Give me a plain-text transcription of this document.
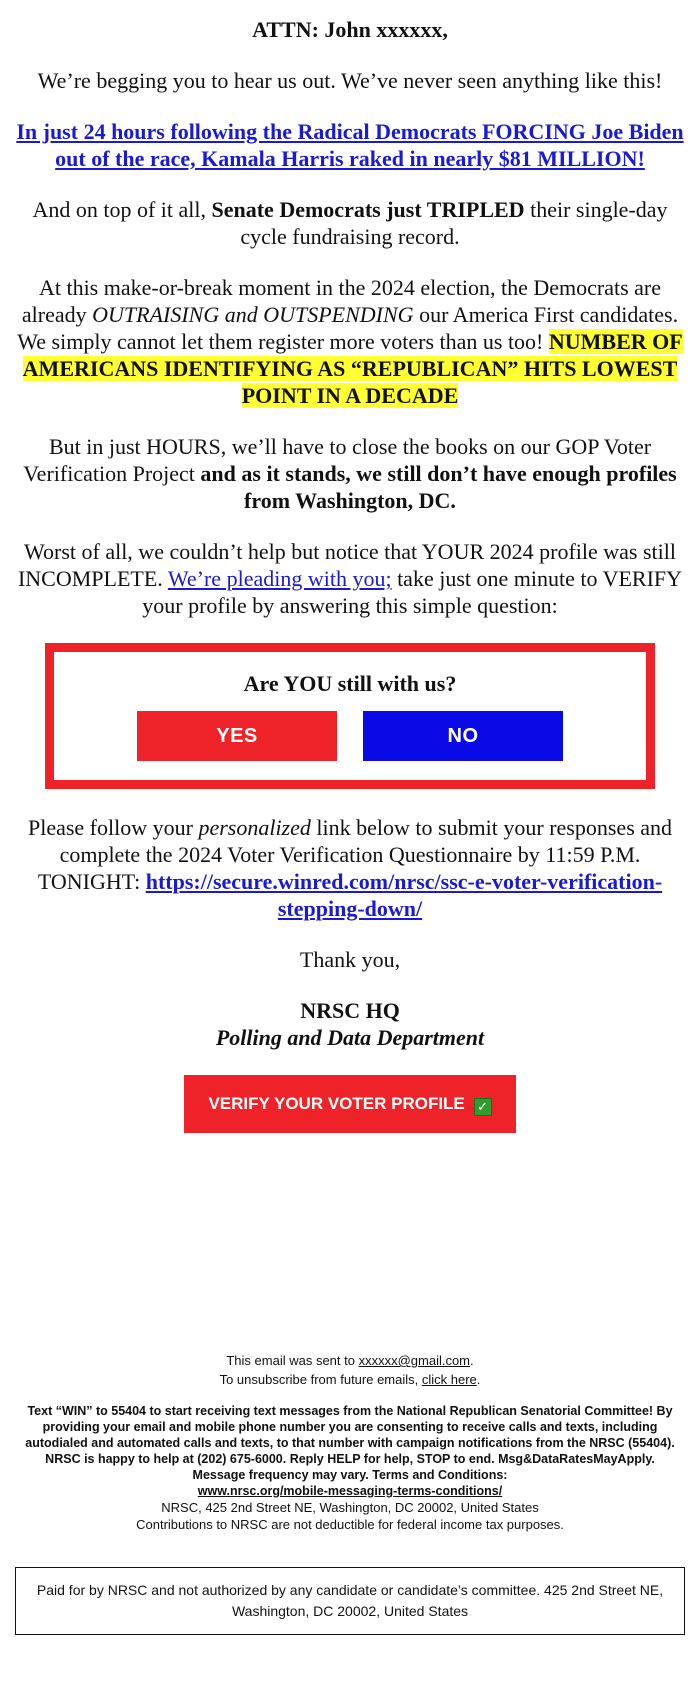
ATTN: John xxxxxx,

We’re begging you to hear us out. We’ve never seen anything like this!

In just 24 hours following the Radical Democrats FORCING Joe Biden out of the race, Kamala Harris raked in nearly $81 MILLION!

And on top of it all, Senate Democrats just TRIPLED their single-day cycle fundraising record.

At this make-or-break moment in the 2024 election, the Democrats are already OUTRAISING and OUTSPENDING our America First candidates. We simply cannot let them register more voters than us too! NUMBER OF AMERICANS IDENTIFYING AS “REPUBLICAN” HITS LOWEST POINT IN A DECADE

But in just HOURS, we’ll have to close the books on our GOP Voter Verification Project and as it stands, we still don’t have enough profiles from Washington, DC.

Worst of all, we couldn’t help but notice that YOUR 2024 profile was still INCOMPLETE. We’re pleading with you; take just one minute to VERIFY your profile by answering this simple question:

Are YOU still with us?
YES	NO

Please follow your personalized link below to submit your responses and complete the 2024 Voter Verification Questionnaire by 11:59 P.M. TONIGHT: https://secure.winred.com/nrsc/ssc-e-voter-verification-stepping-down/

Thank you,

NRSC HQ
Polling and Data Department

VERIFY YOUR VOTER PROFILE ✓

This email was sent to xxxxxx@gmail.com.

To unsubscribe from future emails, click here.

Text “WIN” to 55404 to start receiving text messages from the National Republican Senatorial Committee! By providing your email and mobile phone number you are consenting to receive calls and texts, including autodialed and automated calls and texts, to that number with campaign notifications from the NRSC (55404). NRSC is happy to help at (202) 675-6000. Reply HELP for help, STOP to end. Msg&DataRatesMayApply. Message frequency may vary. Terms and Conditions:
www.nrsc.org/mobile-messaging-terms-conditions/

NRSC, 425 2nd Street NE, Washington, DC 20002, United States

Contributions to NRSC are not deductible for federal income tax purposes.

Paid for by NRSC and not authorized by any candidate or candidate’s committee. 425 2nd Street NE, Washington, DC 20002, United States
